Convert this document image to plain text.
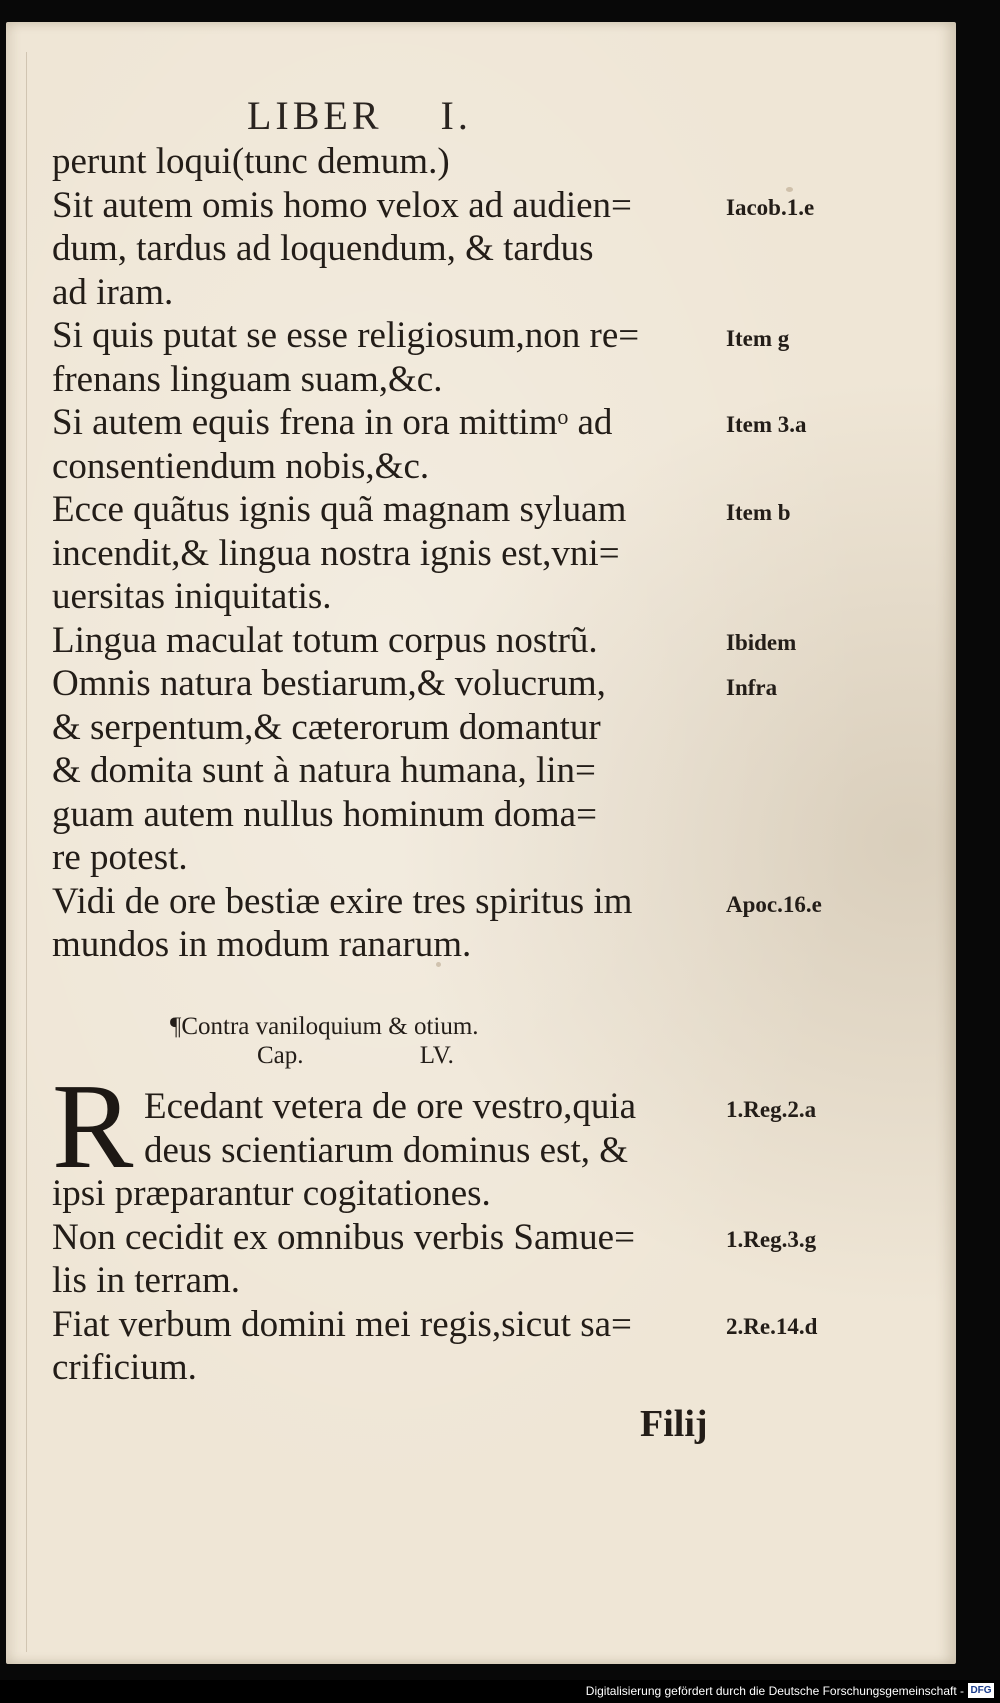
LIBER I.
perunt loqui(tunc demum.)
Sit autem omis homo velox ad audien=
dum, tardus ad loquendum, & tardus
ad iram.
Si quis putat se esse religiosum,non re=
frenans linguam suam,&c.
Si autem equis frena in ora mittimᵒ ad
consentiendum nobis,&c.
Ecce quãtus ignis quã magnam syluam
incendit,& lingua nostra ignis est,vni=
uersitas iniquitatis.
Lingua maculat totum corpus nostrũ.
Omnis natura bestiarum,& volucrum,
& serpentum,& cæterorum domantur
& domita sunt à natura humana, lin=
guam autem nullus hominum doma=
re potest.
Vidi de ore bestiæ exire tres spiritus im
mundos in modum ranarum.
Iacob.1.e
Item g
Item 3.a
Item b
Ibidem
Infra
Apoc.16.e
¶Contra vaniloquium & otium.
Cap.	LV.
R Ecedant vetera de ore vestro,quia
deus scientiarum dominus est, &
ipsi præparantur cogitationes.
Non cecidit ex omnibus verbis Samue=
lis in terram.
Fiat verbum domini mei regis,sicut sa=
crificium.
1.Reg.2.a
1.Reg.3.g
2.Re.14.d
Filij
Digitalisierung gefördert durch die Deutsche Forschungsgemeinschaft - DFG
